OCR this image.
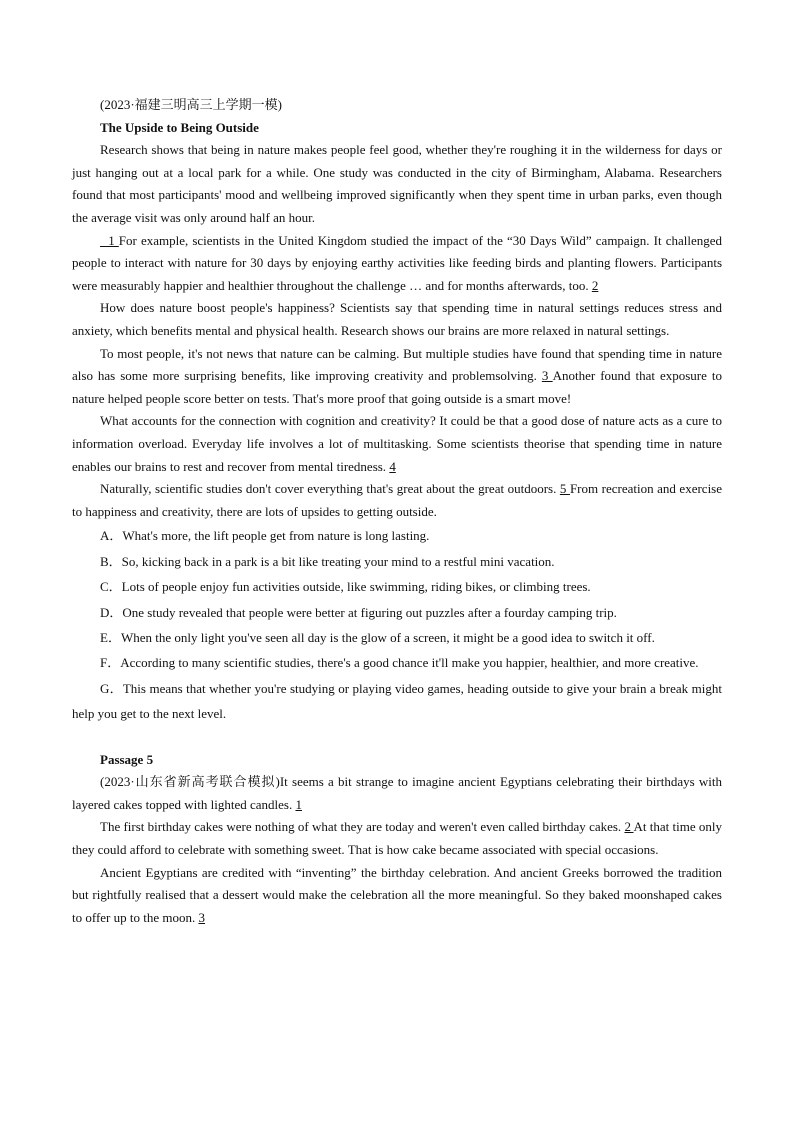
(2023·福建三明高三上学期一模)

The Upside to Being Outside

Research shows that being in nature makes people feel good, whether they're roughing it in the wilderness for days or just hanging out at a local park for a while. One study was conducted in the city of Birmingham, Alabama. Researchers found that most participants' mood and wellbeing improved significantly when they spent time in urban parks, even though the average visit was only around half an hour.

1 For example, scientists in the United Kingdom studied the impact of the “30 Days Wild” campaign. It challenged people to interact with nature for 30 days by enjoying earthy activities like feeding birds and planting flowers. Participants were measurably happier and healthier throughout the challenge … and for months afterwards, too. 2

How does nature boost people's happiness? Scientists say that spending time in natural settings reduces stress and anxiety, which benefits mental and physical health. Research shows our brains are more relaxed in natural settings.

To most people, it's not news that nature can be calming. But multiple studies have found that spending time in nature also has some more surprising benefits, like improving creativity and problemsolving. 3 Another found that exposure to nature helped people score better on tests. That's more proof that going outside is a smart move!

What accounts for the connection with cognition and creativity? It could be that a good dose of nature acts as a cure to information overload. Everyday life involves a lot of multitasking. Some scientists theorise that spending time in nature enables our brains to rest and recover from mental tiredness. 4

Naturally, scientific studies don't cover everything that's great about the great outdoors. 5 From recreation and exercise to happiness and creativity, there are lots of upsides to getting outside.

A．What's more, the lift people get from nature is long lasting.

B．So, kicking back in a park is a bit like treating your mind to a restful mini vacation.

C．Lots of people enjoy fun activities outside, like swimming, riding bikes, or climbing trees.

D．One study revealed that people were better at figuring out puzzles after a fourday camping trip.

E．When the only light you've seen all day is the glow of a screen, it might be a good idea to switch it off.

F．According to many scientific studies, there's a good chance it'll make you happier, healthier, and more creative.

G．This means that whether you're studying or playing video games, heading outside to give your brain a break might help you get to the next level.

Passage 5

(2023·山东省新高考联合模拟)It seems a bit strange to imagine ancient Egyptians celebrating their birthdays with layered cakes topped with lighted candles. 1

The first birthday cakes were nothing of what they are today and weren't even called birthday cakes. 2 At that time only they could afford to celebrate with something sweet. That is how cake became associated with special occasions.

Ancient Egyptians are credited with “inventing” the birthday celebration. And ancient Greeks borrowed the tradition but rightfully realised that a dessert would make the celebration all the more meaningful. So they baked moonshaped cakes to offer up to the moon. 3
